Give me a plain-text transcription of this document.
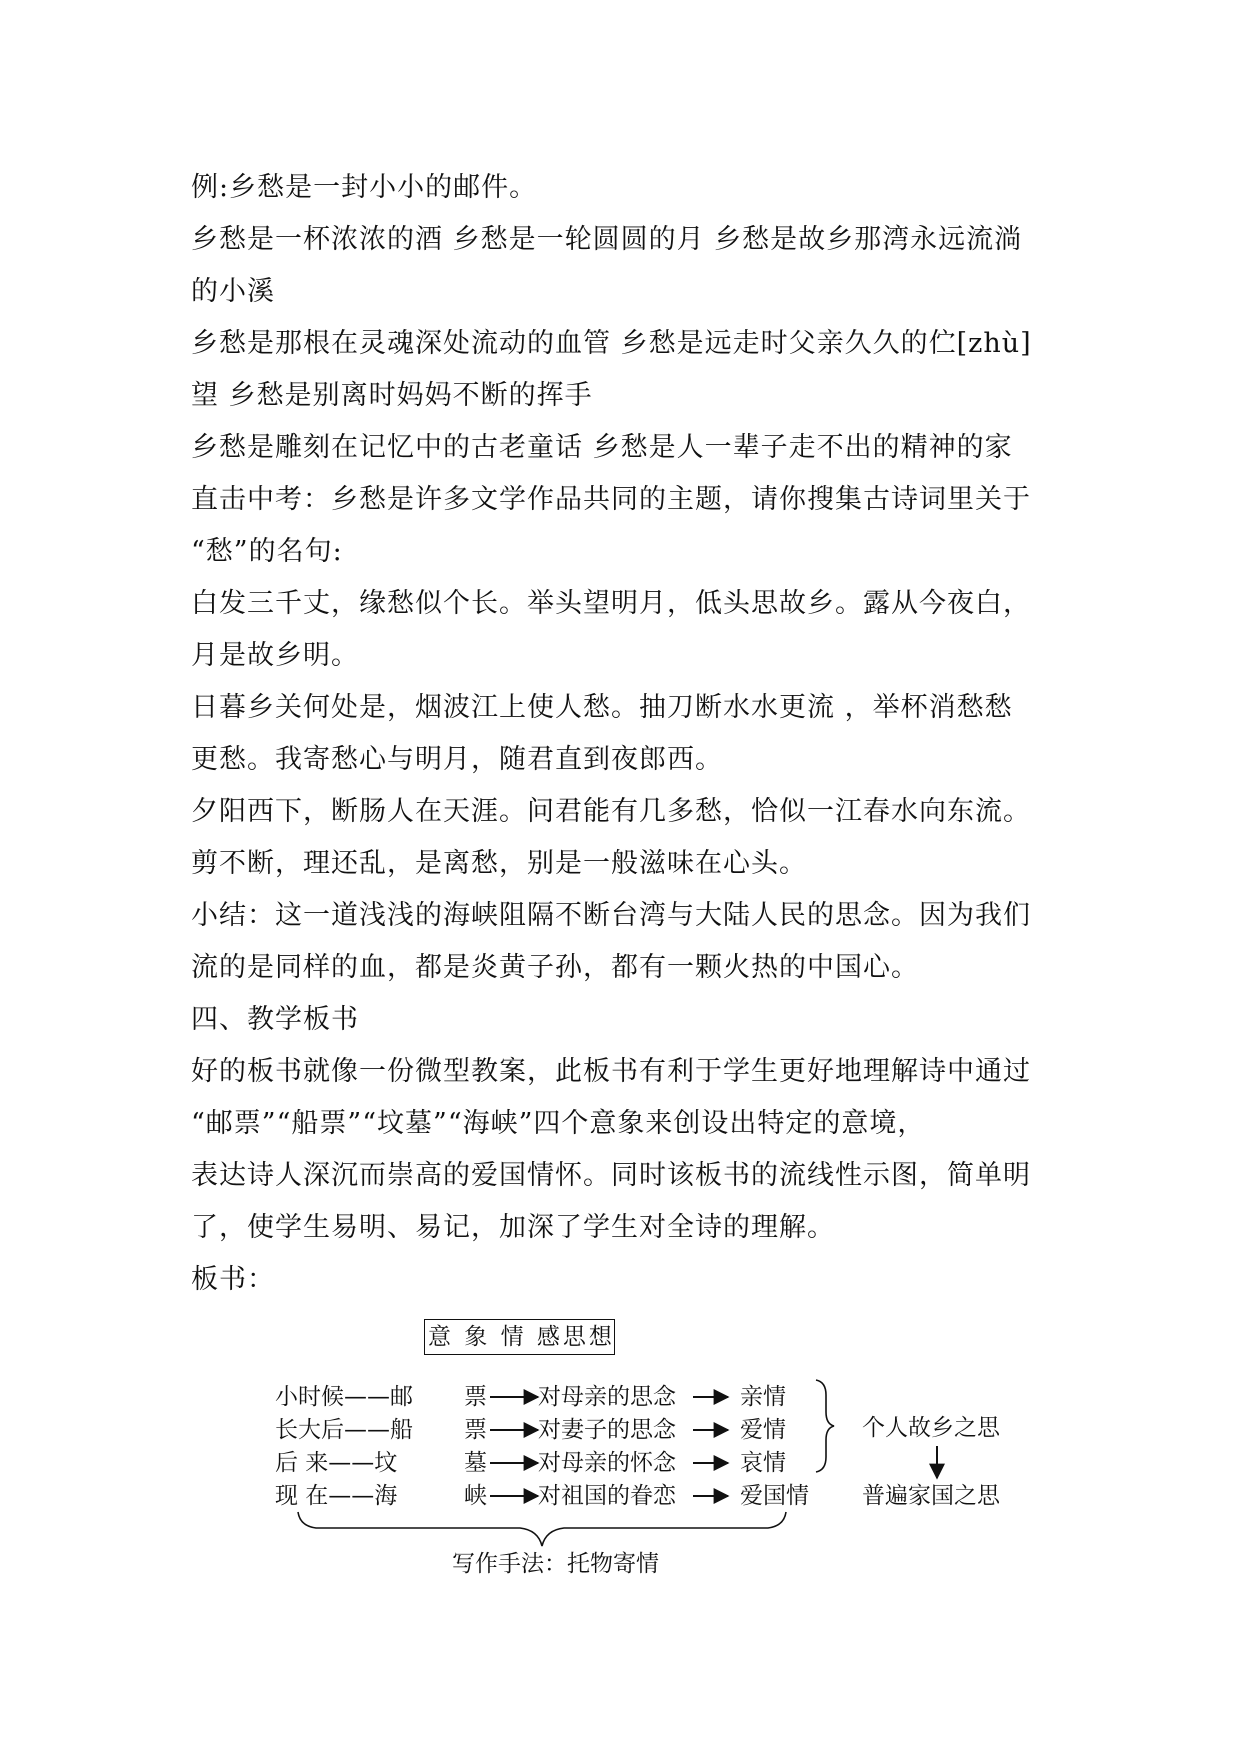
例:乡愁是一封小小的邮件。
乡愁是一杯浓浓的酒 乡愁是一轮圆圆的月 乡愁是故乡那湾永远流淌
的小溪
乡愁是那根在灵魂深处流动的血管 乡愁是远走时父亲久久的伫[zhù]
望 乡愁是别离时妈妈不断的挥手
乡愁是雕刻在记忆中的古老童话 乡愁是人一辈子走不出的精神的家
直击中考：乡愁是许多文学作品共同的主题，请你搜集古诗词里关于
“愁”的名句:
白发三千丈，缘愁似个长。举头望明月，低头思故乡。露从今夜白，
月是故乡明。
日暮乡关何处是，烟波江上使人愁。抽刀断水水更流 ，举杯消愁愁
更愁。我寄愁心与明月，随君直到夜郎西。
夕阳西下，断肠人在天涯。问君能有几多愁，恰似一江春水向东流。
剪不断，理还乱，是离愁，别是一般滋味在心头。
小结：这一道浅浅的海峡阻隔不断台湾与大陆人民的思念。因为我们
流的是同样的血，都是炎黄子孙，都有一颗火热的中国心。
四、教学板书
好的板书就像一份微型教案，此板书有利于学生更好地理解诗中通过
“邮票”“船票”“坟墓”“海峡”四个意象来创设出特定的意境，
表达诗人深沉而崇高的爱国情怀。同时该板书的流线性示图，简单明
了，使学生易明、易记，加深了学生对全诗的理解。
板书：
意 象 情 感思想
小时候——邮 票 对母亲的思念	亲情
长大后——船 票 对妻子的思念	爱情
后 来——坟	墓 对母亲的怀念	哀情
现 在——海	峡 对祖国的眷恋	爱国情
个人故乡之思
普遍家国之思
写作手法：托物寄情
